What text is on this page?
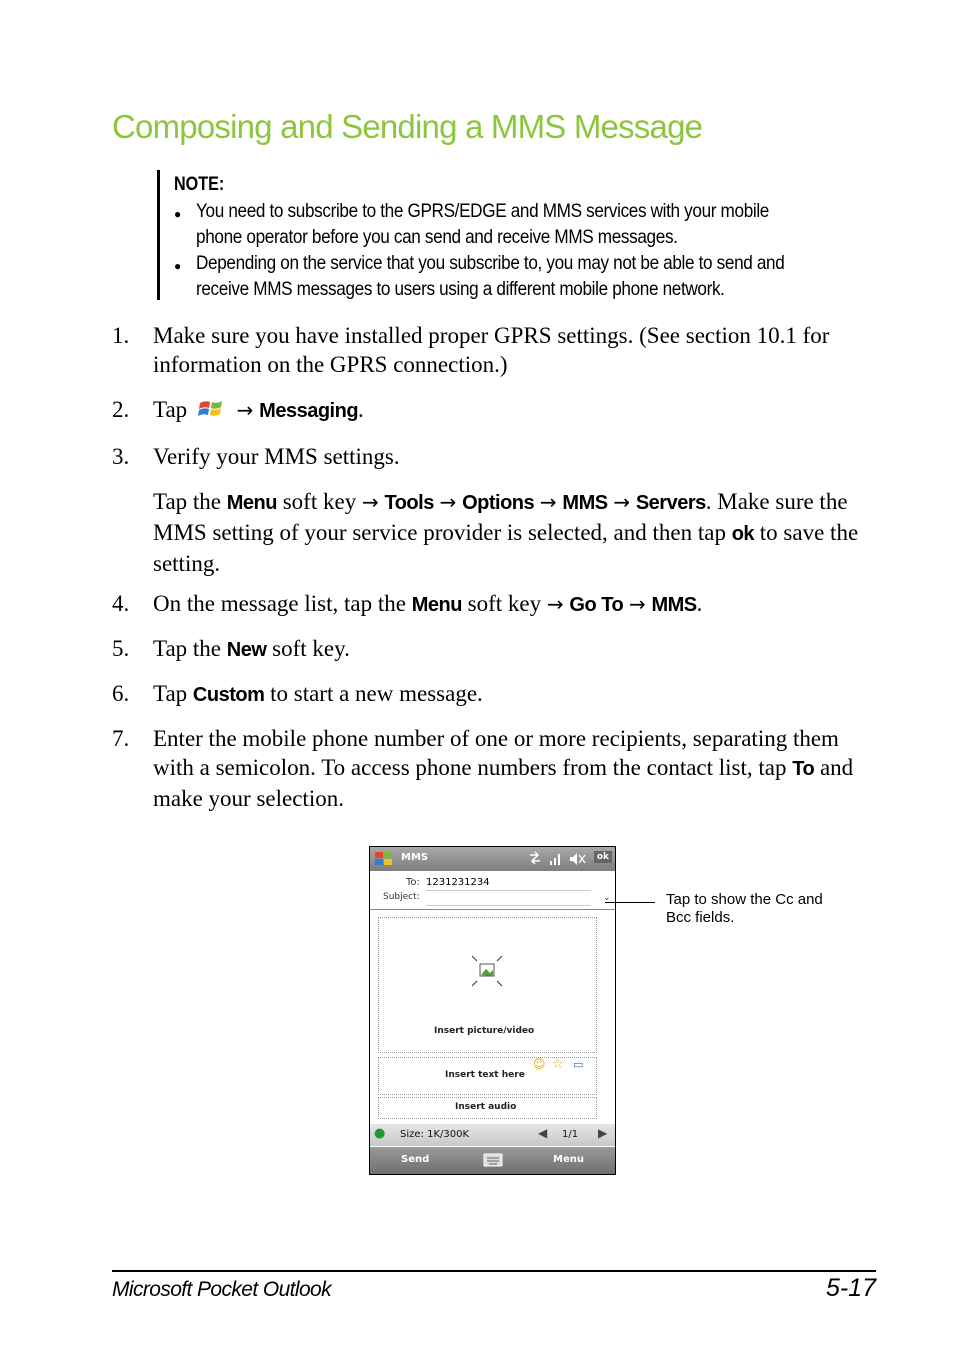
Composing and Sending a MMS Message
NOTE:
● You need to subscribe to the GPRS/EDGE and MMS services with your mobile phone operator before you can send and receive MMS messages.
● Depending on the service that you subscribe to, you may not be able to send and receive MMS messages to users using a different mobile phone network.
1. Make sure you have installed proper GPRS settings. (See section 10.1 for information on the GPRS connection.)
2. Tap → Messaging.
3. Verify your MMS settings.
Tap the Menu soft key → Tools → Options → MMS → Servers. Make sure the MMS setting of your service provider is selected, and then tap ok to save the setting.
4. On the message list, tap the Menu soft key → Go To → MMS.
5. Tap the New soft key.
6. Tap Custom to start a new message.
7. Enter the mobile phone number of one or more recipients, separating them with a semicolon. To access phone numbers from the contact list, tap To and make your selection.
MMS	ok
To: 1231231234
Subject:	⌄
Insert picture/video
Insert text here
☺ ☆ ▭
Insert audio
● Size: 1K/300K	◀ 1/1 ▶
Send	Menu
Tap to show the Cc and Bcc fields.
Microsoft Pocket Outlook	5-17
